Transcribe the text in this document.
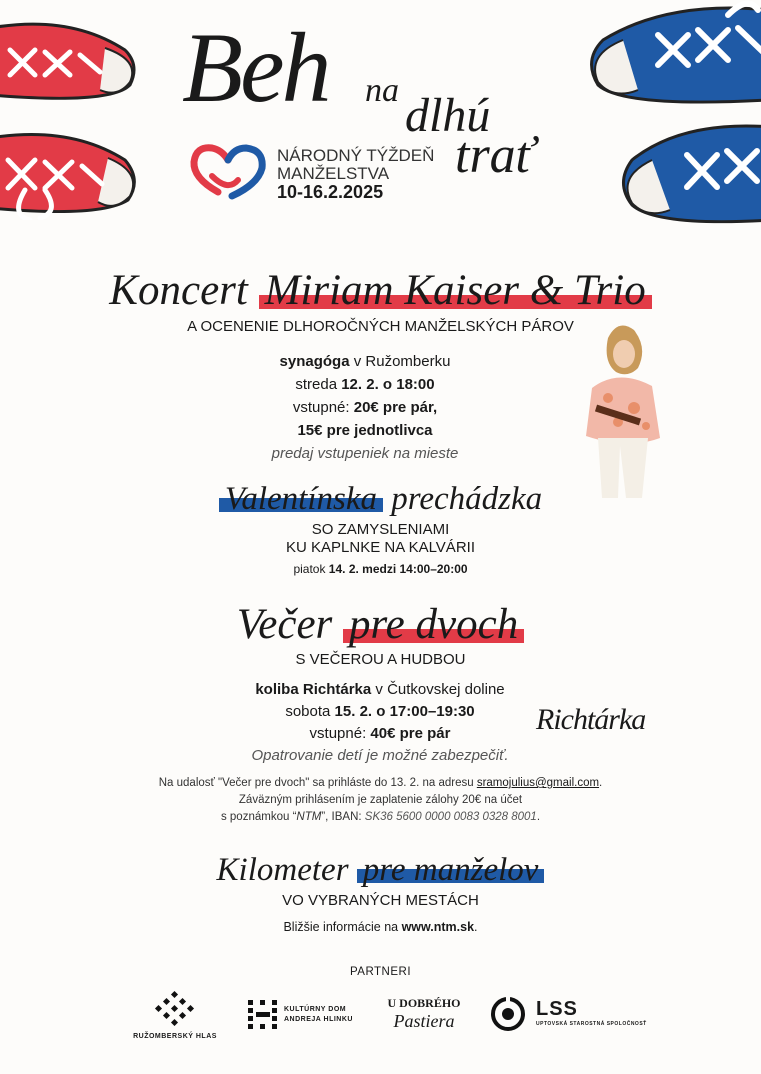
Beh na dlhú
trať
NÁRODNÝ TÝŽDEŇ
MANŽELSTVA
10-16.2.2025
Koncert Miriam Kaiser & Trio
A OCENENIE DLHOROČNÝCH MANŽELSKÝCH PÁROV
synagóga v Ružomberku
streda 12. 2. o 18:00
vstupné: 20€ pre pár,
15€ pre jednotlivca
predaj vstupeniek na mieste
Valentínska prechádzka
SO ZAMYSLENIAMI
KU KAPLNKE NA KALVÁRII
piatok 14. 2. medzi 14:00–20:00
Večer pre dvoch
S VEČEROU A HUDBOU
koliba Richtárka v Čutkovskej doline
sobota 15. 2. o 17:00–19:30
vstupné: 40€ pre pár
Opatrovanie detí je možné zabezpečiť.
Richtárka
Na udalosť "Večer pre dvoch" sa prihláste do 13. 2. na adresu sramojulius@gmail.com.
Záväzným prihlásením je zaplatenie zálohy 20€ na účet
s poznámkou “NTM”, IBAN: SK36 5600 0000 0083 0328 8001.
Kilometer pre manželov
VO VYBRANÝCH MESTÁCH
Bližšie informácie na www.ntm.sk.
PARTNERI
RUŽOMBERSKÝ HLAS
KULTÚRNY DOM
ANDREJA HLINKU
U DOBRÉHO
Pastiera
LSS
UPTOVSKÁ STAROSTNÁ SPOLOČNOSŤ
